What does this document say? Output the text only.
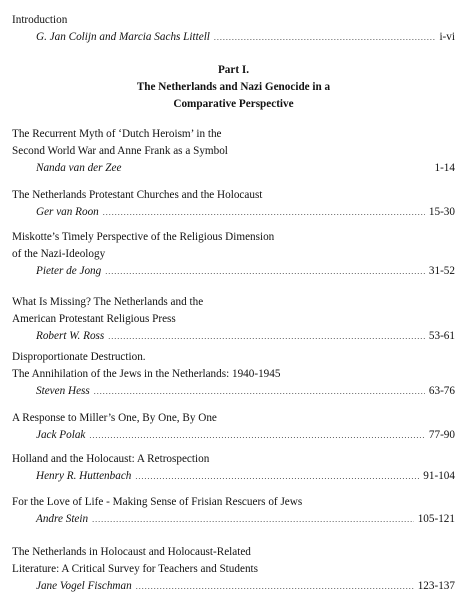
Introduction
G. Jan Colijn and Marcia Sachs Littell .....	i-vi
Part I.
The Netherlands and Nazi Genocide in a
Comparative Perspective
The Recurrent Myth of ‘Dutch Heroism’ in the
Second World War and Anne Frank as a Symbol
Nanda van der Zee	1-14
The Netherlands Protestant Churches and the Holocaust
Ger van Roon .....	15-30
Miskotte’s Timely Perspective of the Religious Dimension
of the Nazi-Ideology
Pieter de Jong .....	31-52
What Is Missing? The Netherlands and the
American Protestant Religious Press
Robert W. Ross .....	53-61
Disproportionate Destruction.
The Annihilation of the Jews in the Netherlands: 1940-1945
Steven Hess .....	63-76
A Response to Miller’s One, By One, By One
Jack Polak .....	77-90
Holland and the Holocaust: A Retrospection
Henry R. Huttenbach .....	91-104
For the Love of Life - Making Sense of Frisian Rescuers of Jews
Andre Stein .....	105-121
The Netherlands in Holocaust and Holocaust-Related
Literature: A Critical Survey for Teachers and Students
Jane Vogel Fischman .....	123-137
